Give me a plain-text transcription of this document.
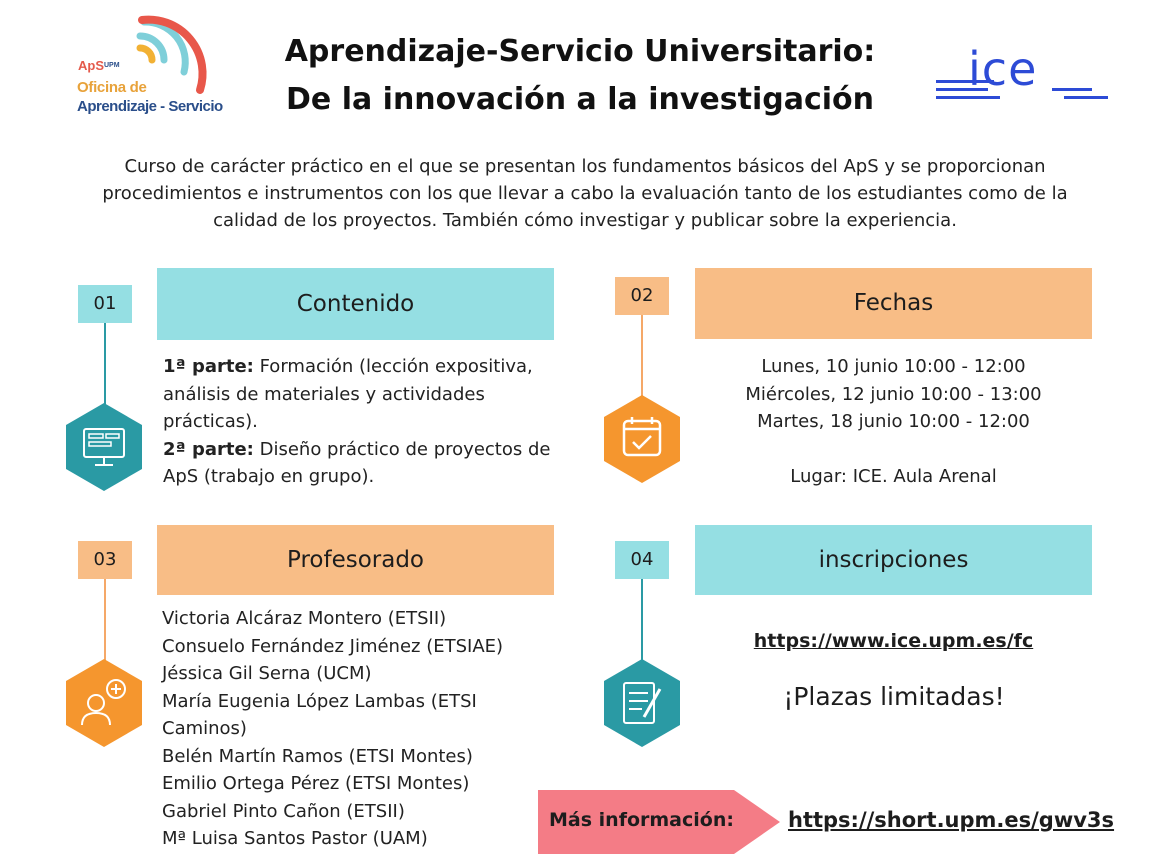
ApS UPM
Oficina de
Aprendizaje - Servicio
Aprendizaje-Servicio Universitario:
De la innovación a la investigación
ice
Curso de carácter práctico en el que se presentan los fundamentos básicos del ApS y se proporcionan procedimientos e instrumentos con los que llevar a cabo la evaluación tanto de los estudiantes como de la calidad de los proyectos. También cómo investigar y publicar sobre la experiencia.
01	Contenido
1ª parte: Formación (lección expositiva, análisis de materiales y actividades prácticas).
2ª parte: Diseño práctico de proyectos de ApS (trabajo en grupo).
02	Fechas
Lunes, 10 junio 10:00 - 12:00
Miércoles, 12 junio 10:00 - 13:00
Martes, 18 junio 10:00 - 12:00
Lugar: ICE. Aula Arenal
03	Profesorado
Victoria Alcáraz Montero (ETSII)
Consuelo Fernández Jiménez (ETSIAE)
Jéssica Gil Serna (UCM)
María Eugenia López Lambas (ETSI
Caminos)
Belén Martín Ramos (ETSI Montes)
Emilio Ortega Pérez (ETSI Montes)
Gabriel Pinto Cañon (ETSII)
Mª Luisa Santos Pastor (UAM)
04	inscripciones
https://www.ice.upm.es/fc
¡Plazas limitadas!
Más información:	https://short.upm.es/gwv3s
